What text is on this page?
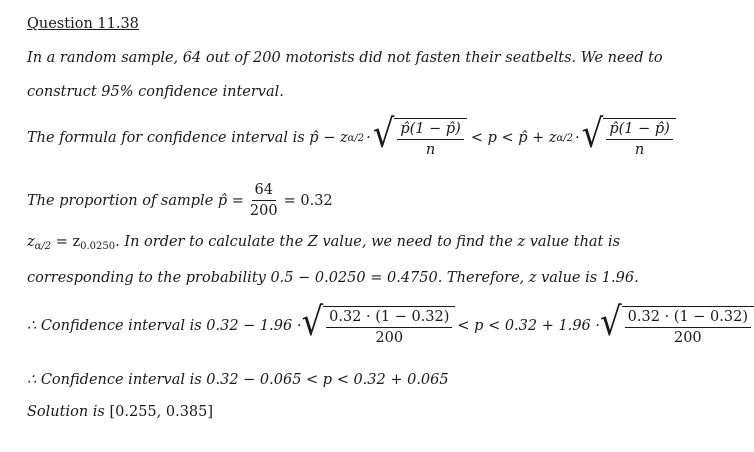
Question 11.38
In a random sample, 64 out of 200 motorists did not fasten their seatbelts. We need to
construct 95% confidence interval.
The formula for confidence interval is p̂ − z α/2 · √ $\frac{p̂(1 - p̂)}{n} < p$ < p̂ + z α/2 · √ $\frac{p̂(1 - p̂)}{n}$
The proportion of sample p̂ = $\frac{64}{200} = 0.32$
$z_{\alpha/2} = z_{0.0250}$. In order to calculate the Z value, we need to find the z value that is
corresponding to the probability 0.5 − 0.0250 = 0.4750. Therefore, z value is 1.96.
∴ Confidence interval is 0.32 − 1.96 · √ $\frac{0.32 \cdot (1 - 0.32)}{200} < p < 0.32 + 1.96$ · √ $\frac{0.32 \cdot (1 - 0.32)}{200}$
∴ Confidence interval is 0.32 − 0.065 < p < 0.32 + 0.065
Solution is [0.255, 0.385]
